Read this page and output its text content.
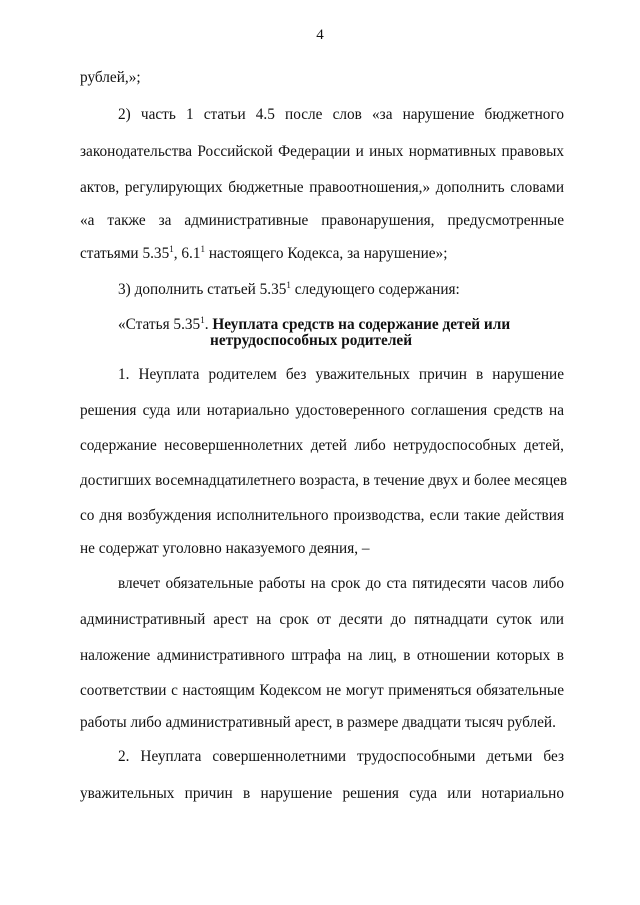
4
рублей,»;
2) часть 1 статьи 4.5 после слов «за нарушение бюджетного
законодательства Российской Федерации и иных нормативных правовых
актов, регулирующих бюджетные правоотношения,» дополнить словами
«а также за административные правонарушения, предусмотренные
статьями 5.35$^1$, $6.1^1$ настоящего Кодекса, за нарушение»;
3) дополнить статьей 5.35$^1$ следующего содержания:
«Статья 5.35$^1$. Неуплата средств на содержание детей или
нетрудоспособных родителей
1. Неуплата родителем без уважительных причин в нарушение
решения суда или нотариально удостоверенного соглашения средств на
содержание несовершеннолетних детей либо нетрудоспособных детей,
достигших восемнадцатилетнего возраста, в течение двух и более месяцев
со дня возбуждения исполнительного производства, если такие действия
не содержат уголовно наказуемого деяния, –
влечет обязательные работы на срок до ста пятидесяти часов либо
административный арест на срок от десяти до пятнадцати суток или
наложение административного штрафа на лиц, в отношении которых в
соответствии с настоящим Кодексом не могут применяться обязательные
работы либо административный арест, в размере двадцати тысяч рублей.
2. Неуплата совершеннолетними трудоспособными детьми без
уважительных причин в нарушение решения суда или нотариально
